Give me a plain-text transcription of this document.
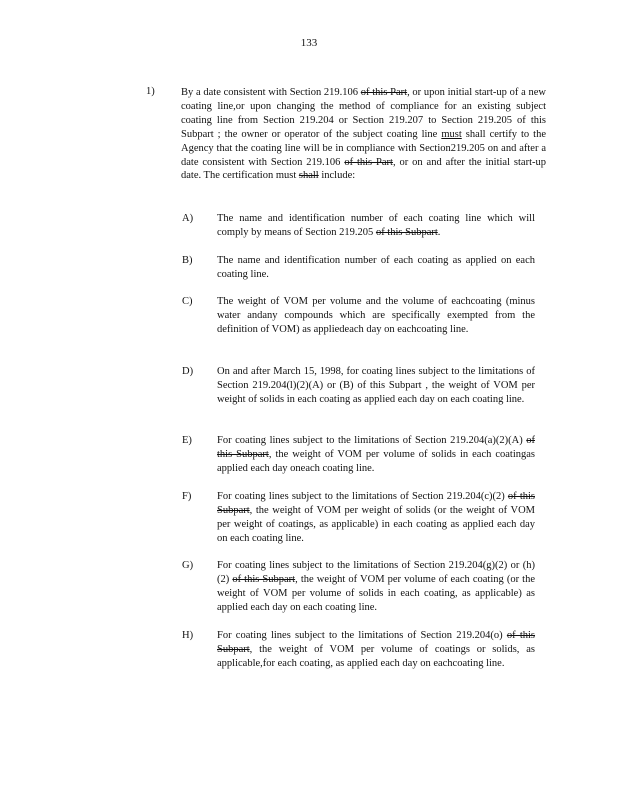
133
1)	By a date consistent with Section 219.106 of this Part, or upon initial start-up of a new coating line,or upon changing the method of compliance for an existing subject coating line from Section 219.204 or Section 219.207 to Section 219.205 of this Subpart ; the owner or operator of the subject coating line must shall certify to the Agency that the coating line will be in compliance with Section219.205 on and after a date consistent with Section 219.106 of this Part, or on and after the initial start-up date. The certification must shall include:

A) The name and identification number of each coating line which will comply by means of Section 219.205 of this Subpart.

B) The name and identification number of each coating as applied on each coating line.

C) The weight of VOM per volume and the volume of eachcoating (minus water andany compounds which are specifically exempted from the definition of VOM) as appliedeach day on eachcoating line.

D) On and after March 15, 1998, for coating lines subject to the limitations of Section 219.204(l)(2)(A) or (B) of this Subpart , the weight of VOM per weight of solids in each coating as applied each day on each coating line.

E) For coating lines subject to the limitations of Section 219.204(a)(2)(A) of this Subpart, the weight of VOM per volume of solids in each coatingas applied each day oneach coating line.

F) For coating lines subject to the limitations of Section 219.204(c)(2) of this Subpart, the weight of VOM per weight of solids (or the weight of VOM per weight of coatings, as applicable) in each coating as applied each day on each coating line.

G) For coating lines subject to the limitations of Section 219.204(g)(2) or (h)(2) of this Subpart, the weight of VOM per volume of each coating (or the weight of VOM per volume of solids in each coating, as applicable) as applied each day on each coating line.

H) For coating lines subject to the limitations of Section 219.204(o) of this Subpart, the weight of VOM per volume of coatings or solids, as applicable,for each coating, as applied each day on eachcoating line.
